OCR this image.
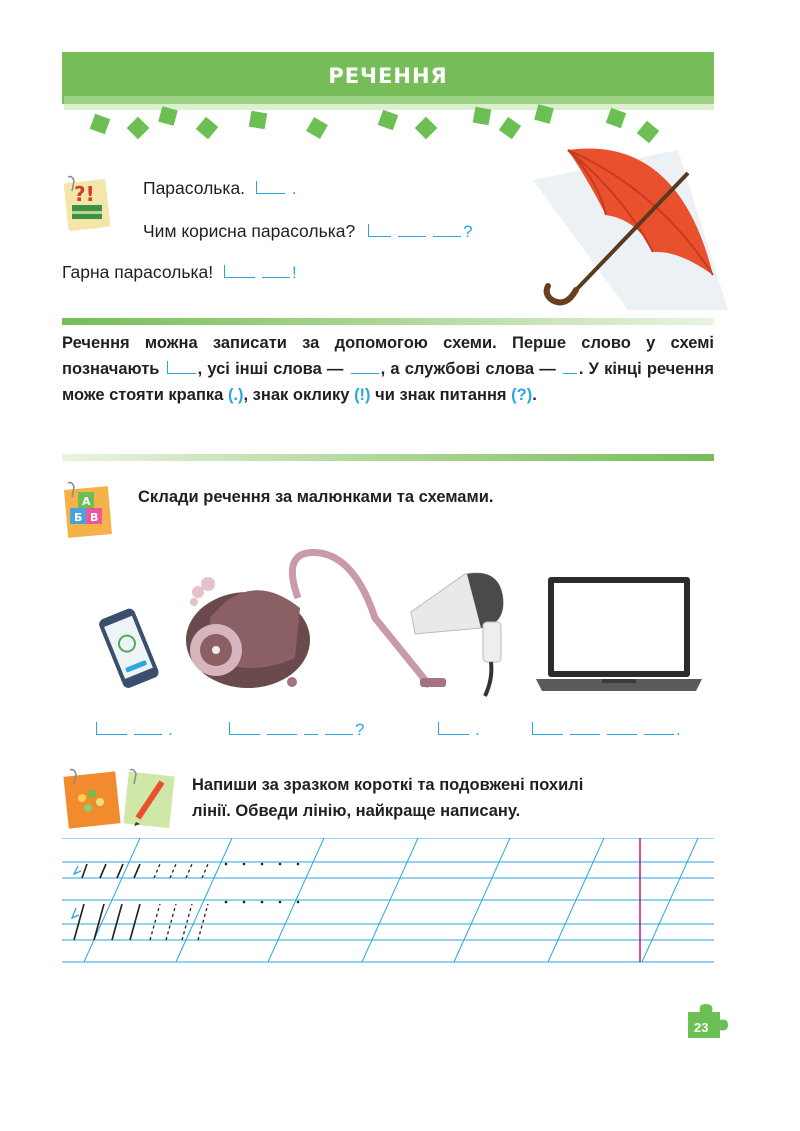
РЕЧЕННЯ
?!	Парасолька.	.
Чим корисна парасолька?	?
Гарна парасолька!	!
Речення можна записати за допомогою схеми. Перше слово у схемі позначають , усі інші слова — , а службові слова — . У кінці речення може стояти крапка (.), знак оклику (!) чи знак питання (?).
Б В
А	Склади речення за малюнками та схемами.
.	?	.	.
Напиши за зразком короткі та подовжені похилі
лінії. Обведи лінію, найкраще написану.
23
